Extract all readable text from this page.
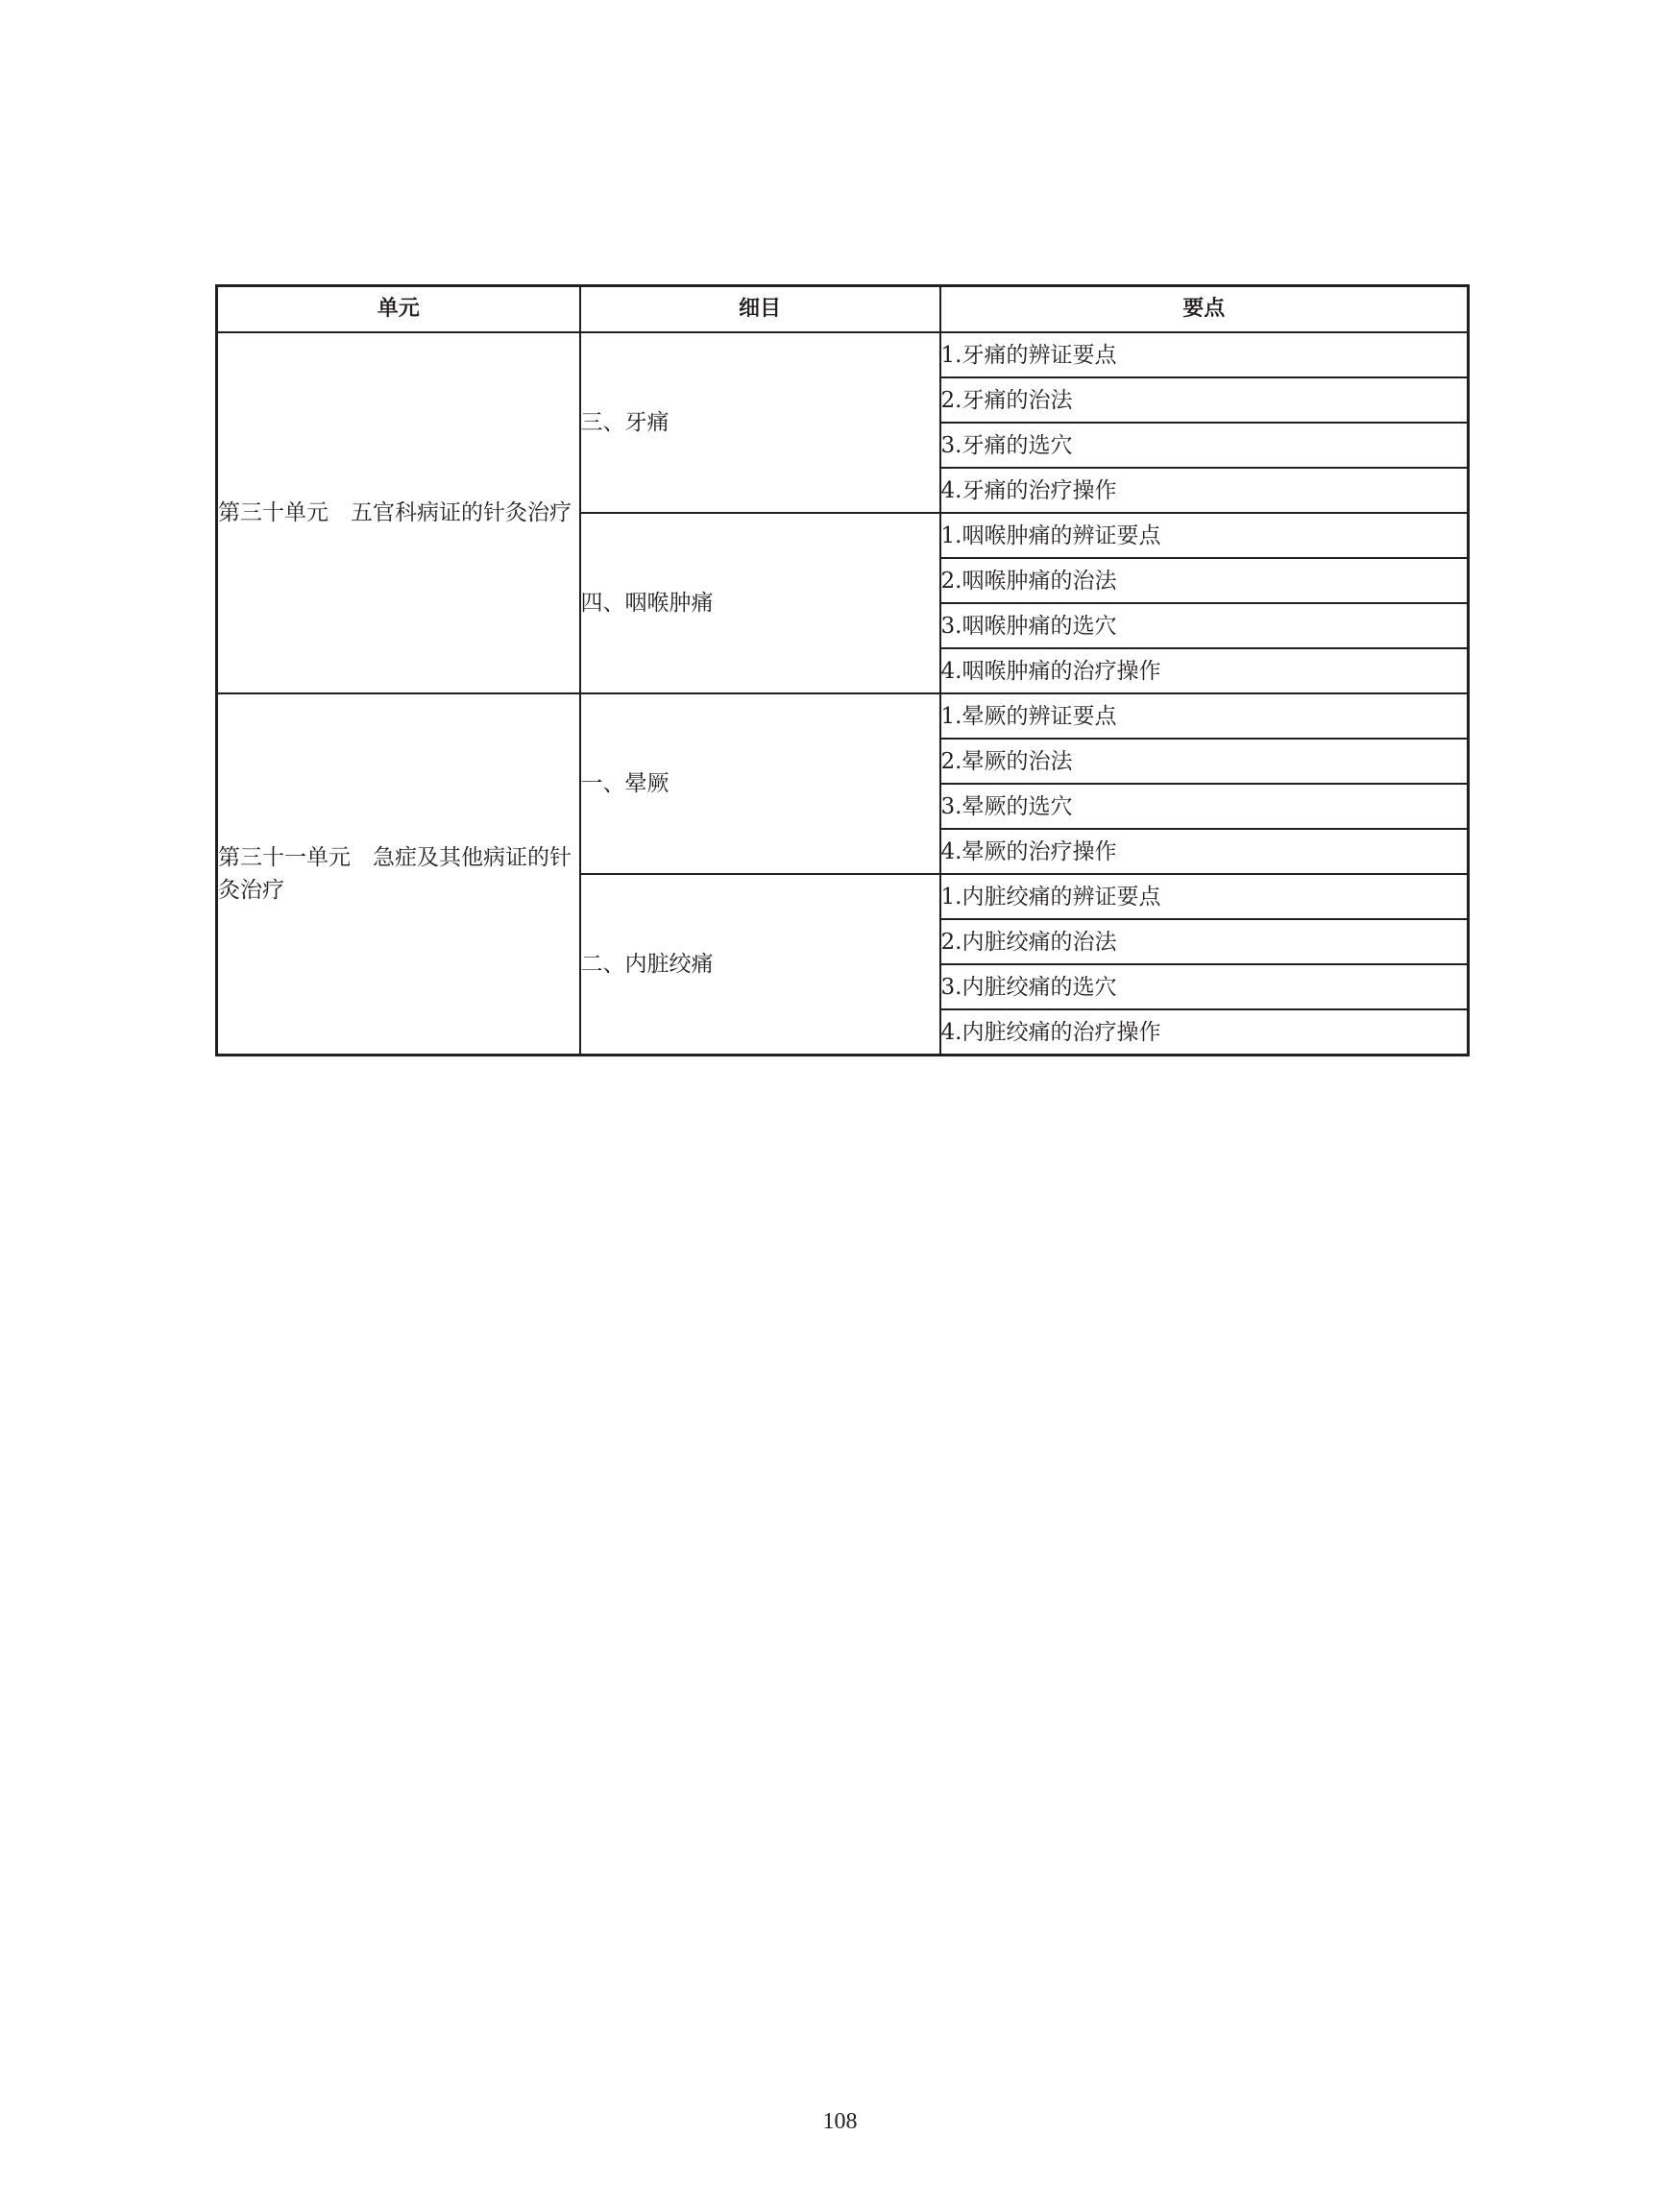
单元	细目	要点
第三十单元　五官科病证的针灸治疗	三、牙痛	1.牙痛的辨证要点
		2.牙痛的治法
		3.牙痛的选穴
		4.牙痛的治疗操作
	四、咽喉肿痛	1.咽喉肿痛的辨证要点
		2.咽喉肿痛的治法
		3.咽喉肿痛的选穴
		4.咽喉肿痛的治疗操作
第三十一单元　急症及其他病证的针灸治疗	一、晕厥	1.晕厥的辨证要点
		2.晕厥的治法
		3.晕厥的选穴
		4.晕厥的治疗操作
	二、内脏绞痛	1.内脏绞痛的辨证要点
		2.内脏绞痛的治法
		3.内脏绞痛的选穴
		4.内脏绞痛的治疗操作
108
